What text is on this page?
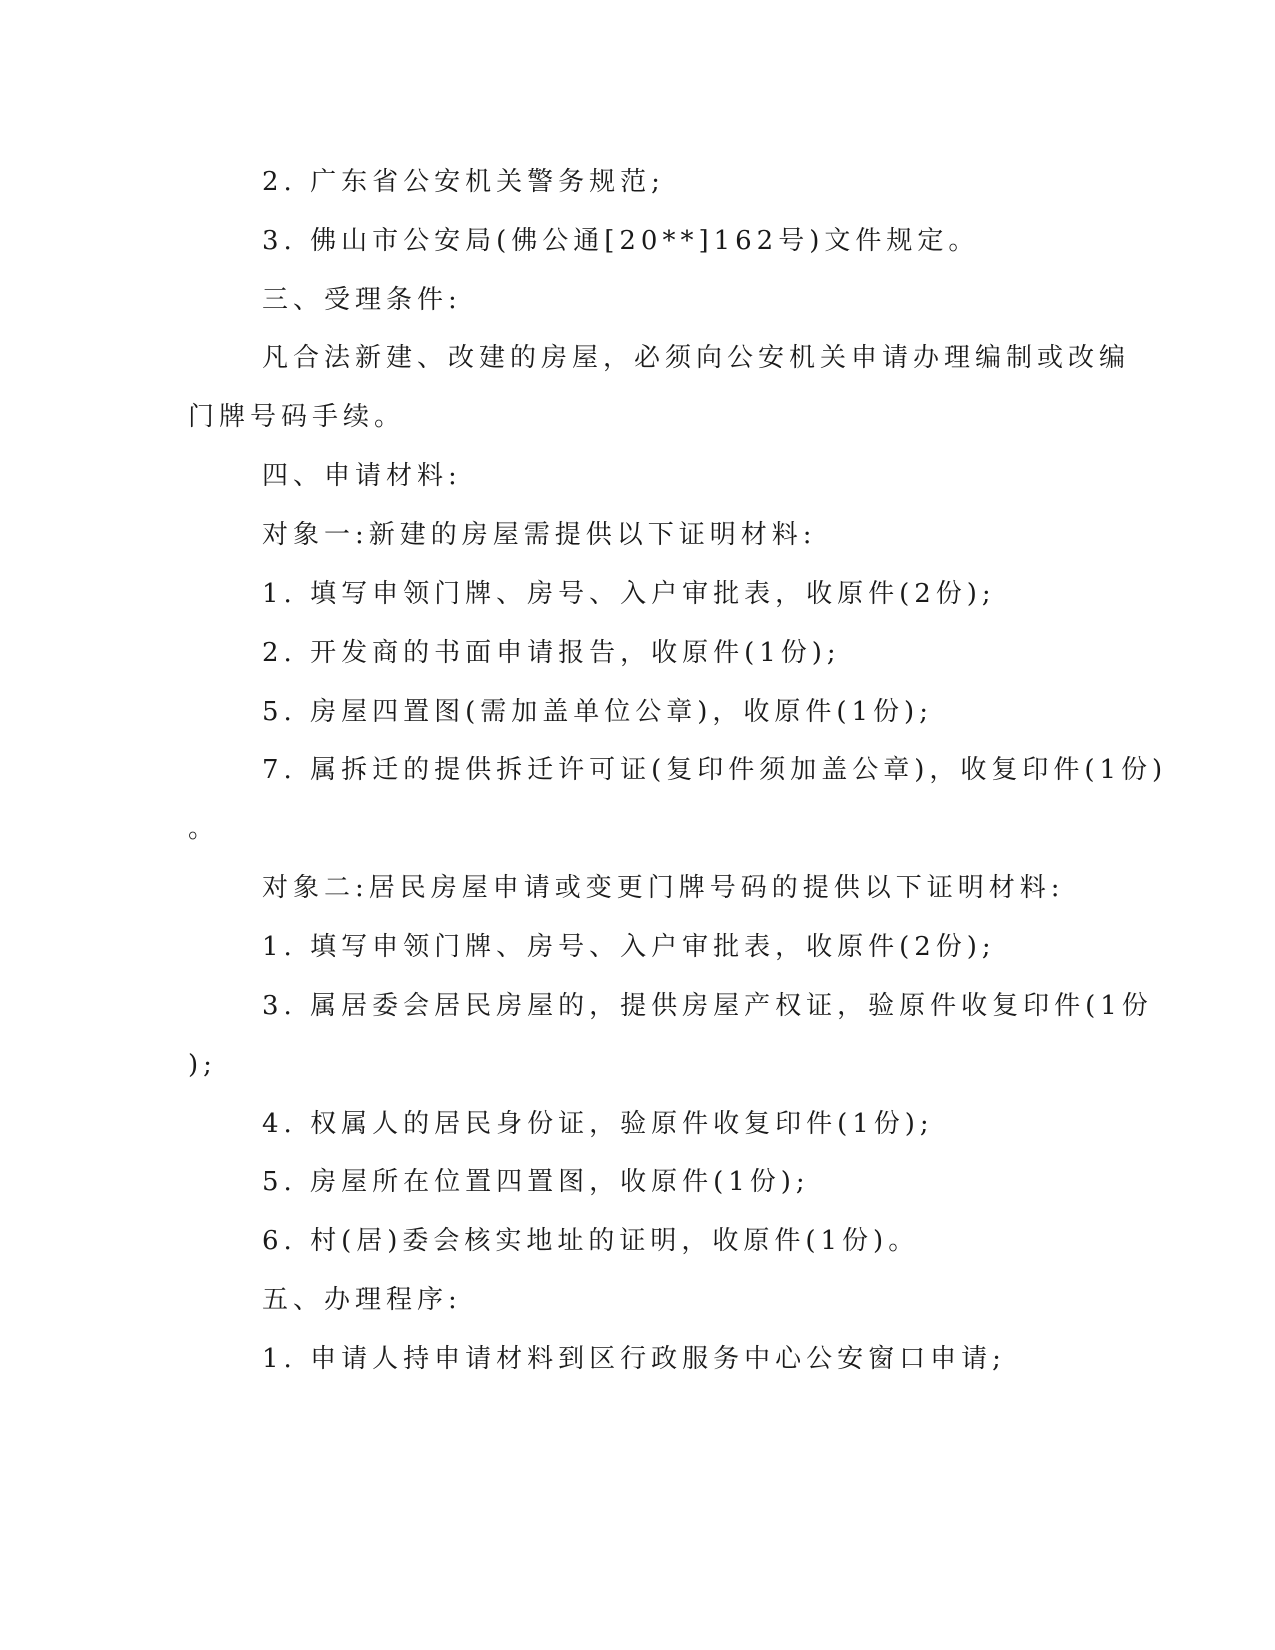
2. 广东省公安机关警务规范;
3. 佛山市公安局(佛公通[20**]162号)文件规定。
三、受理条件:
凡合法新建、改建的房屋，必须向公安机关申请办理编制或改编
门牌号码手续。
四、申请材料:
对象一:新建的房屋需提供以下证明材料:
1. 填写申领门牌、房号、入户审批表，收原件(2份);
2. 开发商的书面申请报告，收原件(1份);
5. 房屋四置图(需加盖单位公章)，收原件(1份);
7. 属拆迁的提供拆迁许可证(复印件须加盖公章)，收复印件(1份)
。
对象二:居民房屋申请或变更门牌号码的提供以下证明材料:
1. 填写申领门牌、房号、入户审批表，收原件(2份);
3. 属居委会居民房屋的，提供房屋产权证，验原件收复印件(1份
);
4. 权属人的居民身份证，验原件收复印件(1份);
5. 房屋所在位置四置图，收原件(1份);
6. 村(居)委会核实地址的证明，收原件(1份)。
五、办理程序:
1. 申请人持申请材料到区行政服务中心公安窗口申请;
